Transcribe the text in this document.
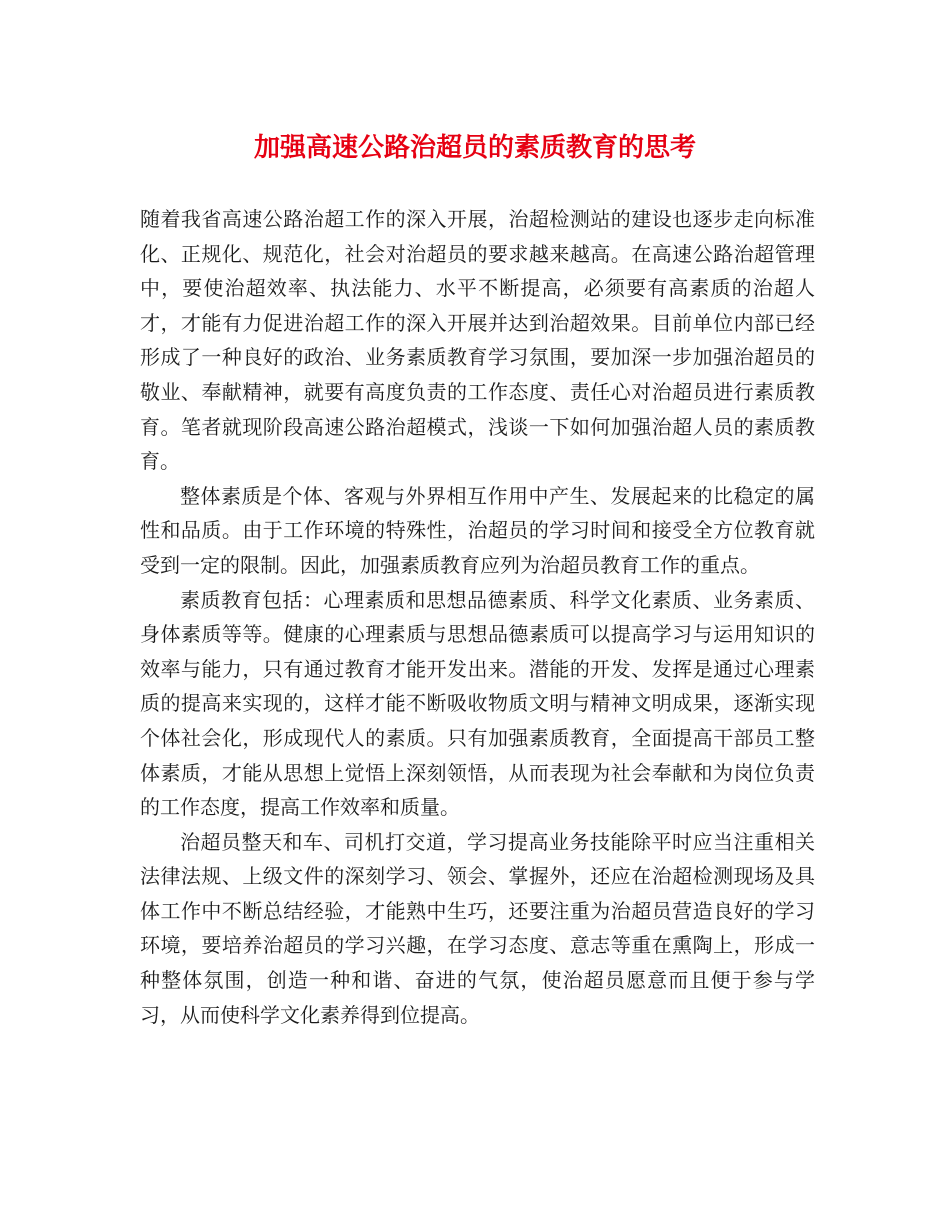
加强高速公路治超员的素质教育的思考

随着我省高速公路治超工作的深入开展，治超检测站的建设也逐步走向标准化、正规化、规范化，社会对治超员的要求越来越高。在高速公路治超管理中，要使治超效率、执法能力、水平不断提高，必须要有高素质的治超人才，才能有力促进治超工作的深入开展并达到治超效果。目前单位内部已经形成了一种良好的政治、业务素质教育学习氛围，要加深一步加强治超员的敬业、奉献精神，就要有高度负责的工作态度、责任心对治超员进行素质教育。笔者就现阶段高速公路治超模式，浅谈一下如何加强治超人员的素质教育。

整体素质是个体、客观与外界相互作用中产生、发展起来的比稳定的属性和品质。由于工作环境的特殊性，治超员的学习时间和接受全方位教育就受到一定的限制。因此，加强素质教育应列为治超员教育工作的重点。

素质教育包括：心理素质和思想品德素质、科学文化素质、业务素质、身体素质等等。健康的心理素质与思想品德素质可以提高学习与运用知识的效率与能力，只有通过教育才能开发出来。潜能的开发、发挥是通过心理素质的提高来实现的，这样才能不断吸收物质文明与精神文明成果，逐渐实现个体社会化，形成现代人的素质。只有加强素质教育，全面提高干部员工整体素质，才能从思想上觉悟上深刻领悟，从而表现为社会奉献和为岗位负责的工作态度，提高工作效率和质量。

治超员整天和车、司机打交道，学习提高业务技能除平时应当注重相关法律法规、上级文件的深刻学习、领会、掌握外，还应在治超检测现场及具体工作中不断总结经验，才能熟中生巧，还要注重为治超员营造良好的学习环境，要培养治超员的学习兴趣，在学习态度、意志等重在熏陶上，形成一种整体氛围，创造一种和谐、奋进的气氛，使治超员愿意而且便于参与学习，从而使科学文化素养得到位提高。
